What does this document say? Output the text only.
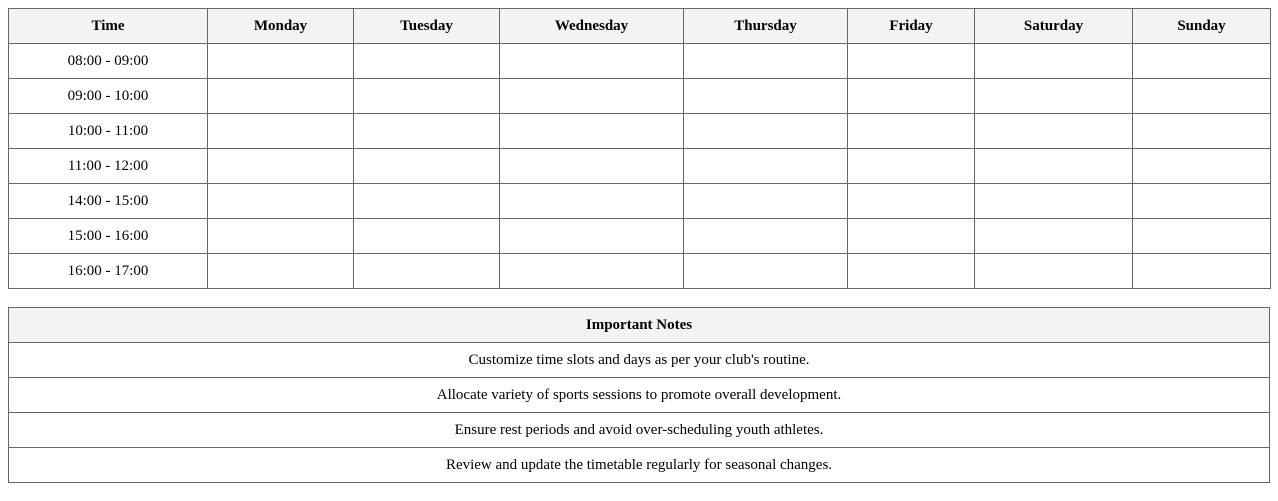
Time	Monday	Tuesday	Wednesday	Thursday	Friday	Saturday	Sunday
08:00 - 09:00							
09:00 - 10:00							
10:00 - 11:00							
11:00 - 12:00							
14:00 - 15:00							
15:00 - 16:00							
16:00 - 17:00							
Important Notes
Customize time slots and days as per your club's routine.
Allocate variety of sports sessions to promote overall development.
Ensure rest periods and avoid over-scheduling youth athletes.
Review and update the timetable regularly for seasonal changes.
